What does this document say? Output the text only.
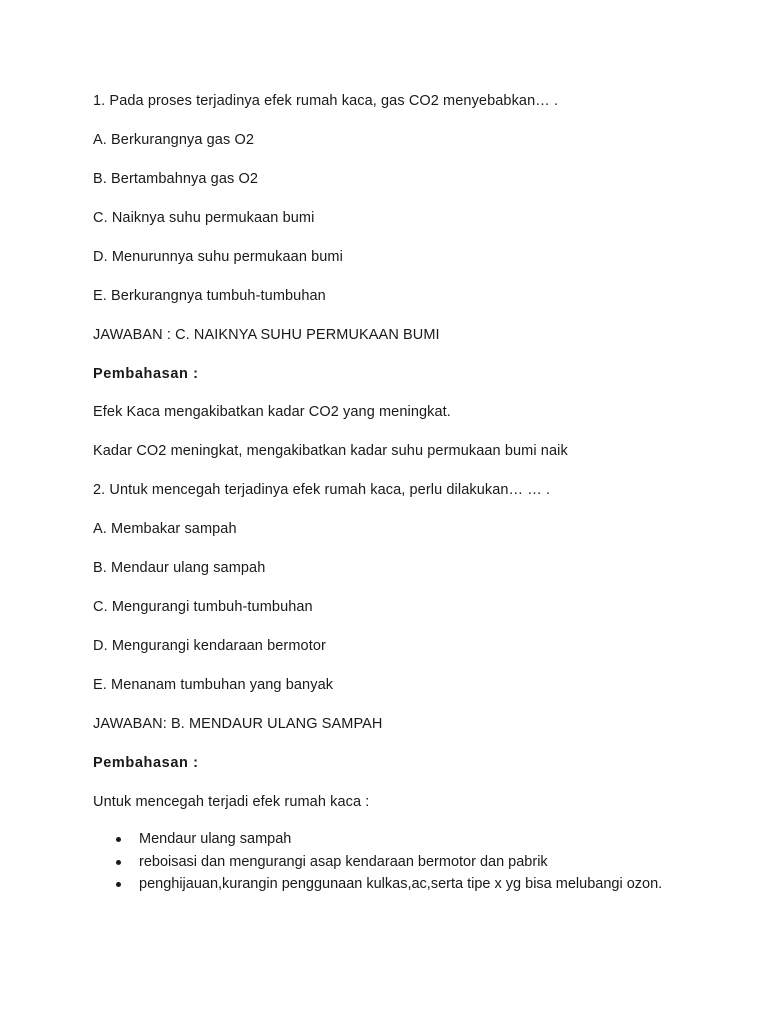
1. Pada proses terjadinya efek rumah kaca, gas CO2 menyebabkan… .
A. Berkurangnya gas O2
B. Bertambahnya gas O2
C. Naiknya suhu permukaan bumi
D. Menurunnya suhu permukaan bumi
E. Berkurangnya tumbuh-tumbuhan
JAWABAN : C. NAIKNYA SUHU PERMUKAAN BUMI
Pembahasan :
Efek Kaca mengakibatkan kadar CO2 yang meningkat.
Kadar CO2 meningkat, mengakibatkan kadar suhu permukaan bumi naik
2. Untuk mencegah terjadinya efek rumah kaca, perlu dilakukan… … .
A. Membakar sampah
B. Mendaur ulang sampah
C. Mengurangi tumbuh-tumbuhan
D. Mengurangi kendaraan bermotor
E. Menanam tumbuhan yang banyak
JAWABAN: B. MENDAUR ULANG SAMPAH
Pembahasan :
Untuk mencegah terjadi efek rumah kaca :
Mendaur ulang sampah
reboisasi dan mengurangi asap kendaraan bermotor dan pabrik
penghijauan,kurangin penggunaan kulkas,ac,serta tipe x yg bisa melubangi ozon.
